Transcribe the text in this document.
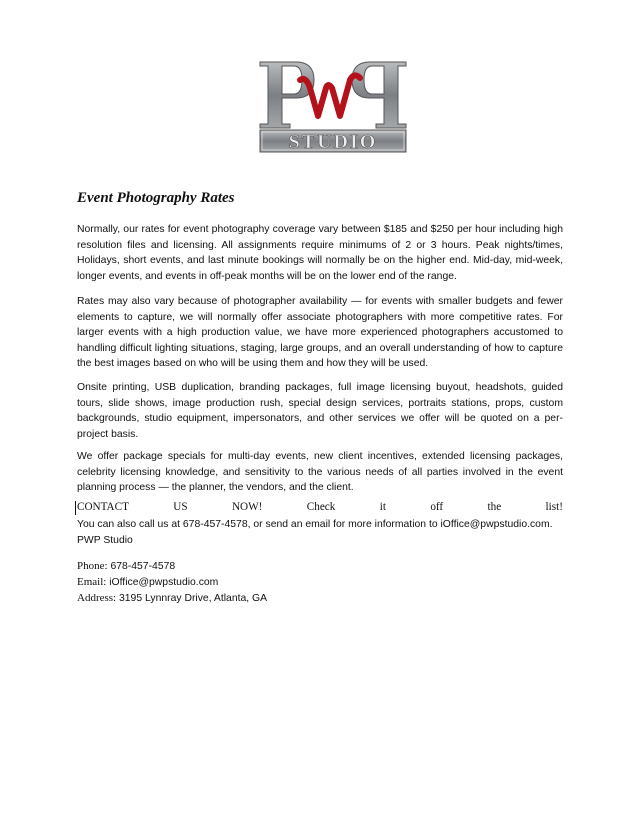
STUDIO
Event Photography Rates

Normally, our rates for event photography coverage vary between $185 and $250 per hour including high resolution files and licensing. All assignments require minimums of 2 or 3 hours. Peak nights/times, Holidays, short events, and last minute bookings will normally be on the higher end. Mid-day, mid-week, longer events, and events in off-peak months will be on the lower end of the range.

Rates may also vary because of photographer availability — for events with smaller budgets and fewer elements to capture, we will normally offer associate photographers with more competitive rates. For larger events with a high production value, we have more experienced photographers accustomed to handling difficult lighting situations, staging, large groups, and an overall understanding of how to capture the best images based on who will be using them and how they will be used.

Onsite printing, USB duplication, branding packages, full image licensing buyout, headshots, guided tours, slide shows, image production rush, special design services, portraits stations, props, custom backgrounds, studio equipment, impersonators, and other services we offer will be quoted on a per-project basis.

We offer package specials for multi-day events, new client incentives, extended licensing packages, celebrity licensing knowledge, and sensitivity to the various needs of all parties involved in the event planning process — the planner, the vendors, and the client.

CONTACT	US	NOW!	Check	it	off	the	list!
You can also call us at 678-457-4578, or send an email for more information to iOffice@pwpstudio.com.
PWP Studio
Phone: 678-457-4578
Email: iOffice@pwpstudio.com
Address: 3195 Lynnray Drive, Atlanta, GA
